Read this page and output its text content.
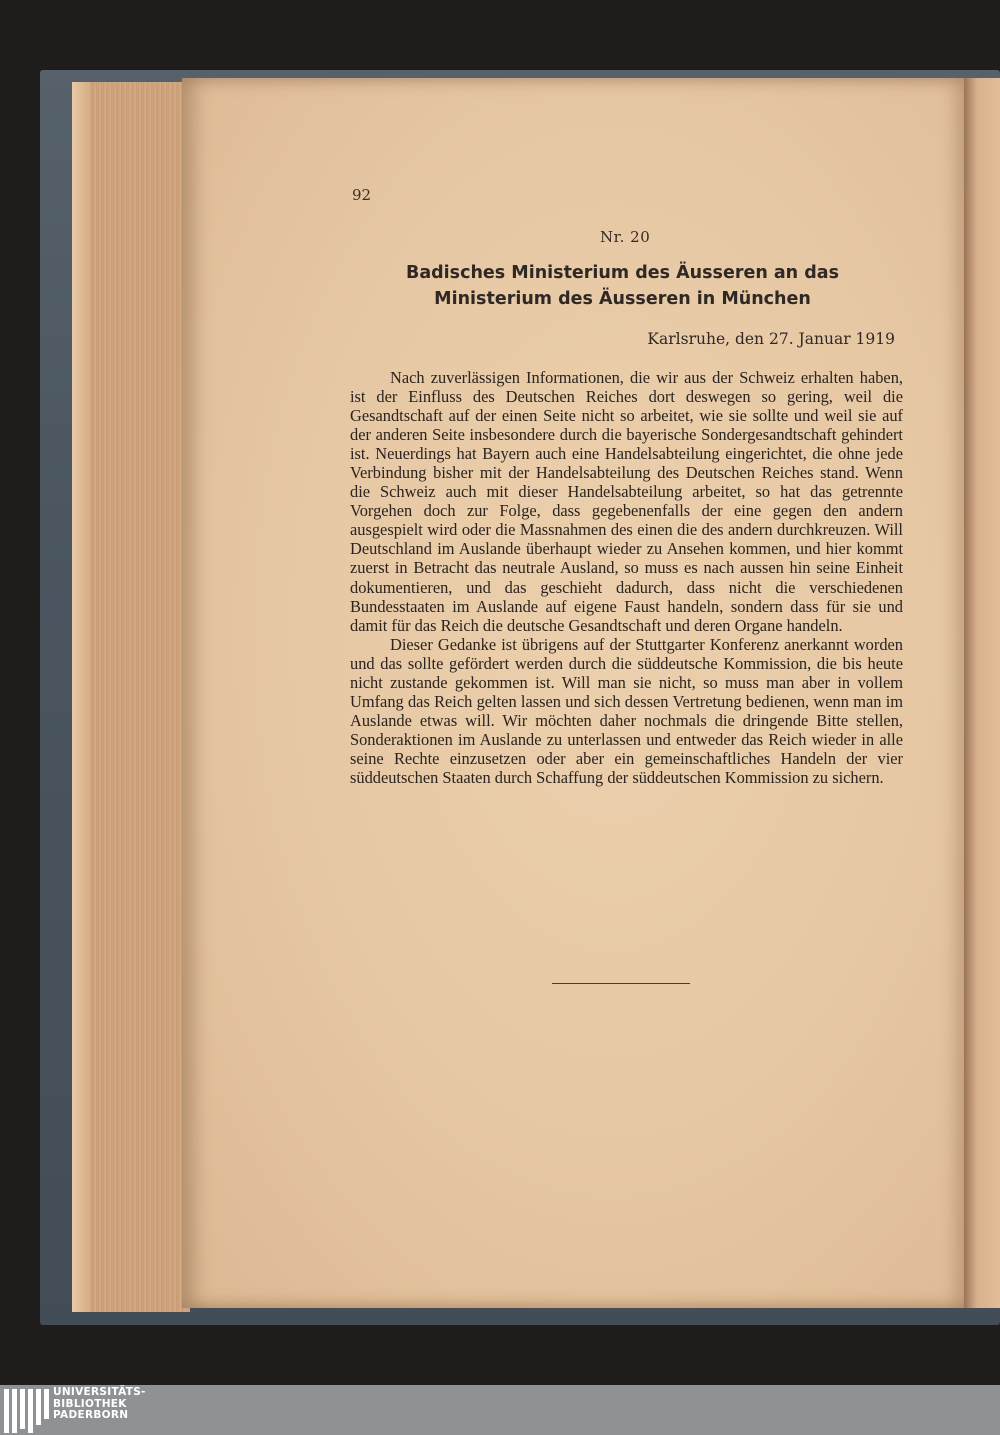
92
Nr. 20
Badisches Ministerium des Äusseren an das
Ministerium des Äusseren in München
Karlsruhe, den 27. Januar 1919

Nach zuverlässigen Informationen, die wir aus der Schweiz erhalten haben, ist der Einfluss des Deutschen Reiches dort deswegen so gering, weil die Gesandtschaft auf der einen Seite nicht so arbeitet, wie sie sollte und weil sie auf der anderen Seite insbesondere durch die bayerische Sondergesandtschaft gehindert ist. Neuerdings hat Bayern auch eine Handelsabteilung eingerichtet, die ohne jede Verbindung bisher mit der Handelsabteilung des Deutschen Reiches stand. Wenn die Schweiz auch mit dieser Handelsabteilung arbeitet, so hat das getrennte Vorgehen doch zur Folge, dass gegebenenfalls der eine gegen den andern ausgespielt wird oder die Massnahmen des einen die des andern durchkreuzen. Will Deutschland im Auslande überhaupt wieder zu Ansehen kommen, und hier kommt zuerst in Betracht das neutrale Ausland, so muss es nach aussen hin seine Einheit dokumentieren, und das geschieht dadurch, dass nicht die verschiedenen Bundesstaaten im Auslande auf eigene Faust handeln, sondern dass für sie und damit für das Reich die deutsche Gesandtschaft und deren Organe handeln.

Dieser Gedanke ist übrigens auf der Stuttgarter Konferenz anerkannt worden und das sollte gefördert werden durch die süddeutsche Kommission, die bis heute nicht zustande gekommen ist. Will man sie nicht, so muss man aber in vollem Umfang das Reich gelten lassen und sich dessen Vertretung bedienen, wenn man im Auslande etwas will. Wir möchten daher nochmals die dringende Bitte stellen, Sonderaktionen im Auslande zu unterlassen und entweder das Reich wieder in alle seine Rechte einzusetzen oder aber ein gemeinschaftliches Handeln der vier süddeutschen Staaten durch Schaffung der süddeutschen Kommission zu sichern.

UNIVERSITÄTS-
BIBLIOTHEK
PADERBORN
